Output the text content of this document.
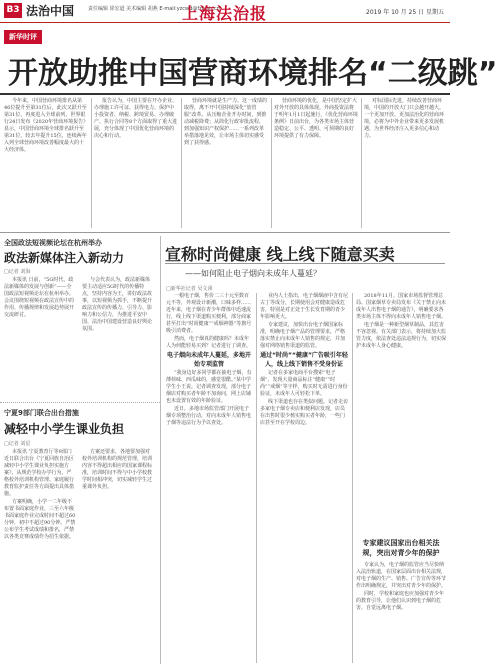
B3 法治中国	责任编辑 徐宏道 美术编辑 胡燕 E-mail:yzcwd@fzb.sh.cn
上海法治报	2019 年 10 月 25 日 星期五
新华时评
开放助推中国营商环境排名“二级跳”

今年来，中国营商环境排名从第46位提升至第31位后，此次又跃升至第31位，再度进入全球前列。世界银行24日发布《2020年营商环境报告》显示，中国营商环境全球排名跃升至第31位，较去年提升15位，连续两年入列全球营商环境改善幅度最大的十大经济体。

报告认为，中国主要在开办企业、办理施工许可证、获得电力、保护中小投资者、纳税、跨境贸易、办理破产、执行合同等8个方面取得了重大进展，充分体现了中国优化营商环境的决心和行动。

营商环境就是生产力。这一成绩的取得，离不开中国持续深化“放管服”改革。从压缩企业开办时间，到推动减税降费；从简化行政审批流程，到加强知识产权保护……一系列改革举措落地见效，让市场主体切实感受到了获得感。

营商环境的优化，是中国坚定扩大对外开放的具体体现。外商投资法将于明年1月1日起施行，《优化营商环境条例》日前出台，为各类市场主体营造稳定、公平、透明、可预期的良好环境提供了有力保障。

对标国际先进，持续改善营商环境，中国的开放大门只会越开越大。一个更加开放、更加法治化的营商环境，必将为中外企业带来更多发展机遇，为世界经济注入更多信心和动力。

全国政法短视频论坛在杭州举办
政法新媒体注入新动力
□记者 刘海

本报讯 日前，“5G时代，政法新媒体的发展与创新”——全国政法短视频论坛在杭州举办。会议围绕短视频在政法宣传中的作用、传播规律和发展趋势展开交流研讨。

与会代表认为，政法新媒体要主动适应5G时代的传播特点，坚持内容为王，讲好政法故事，以短视频为抓手，不断提升政法宣传的传播力、引导力、影响力和公信力，为推进平安中国、法治中国建设营造良好舆论氛围。

宁夏9部门联合出台措施
减轻中小学生课业负担
□记者 刘星

本报讯 宁夏教育厅等9部门近日联合出台《宁夏回族自治区减轻中小学生课业负担实施方案》，从规范学校办学行为、严格校外培训机构管理、家庭履行教育监护责任等方面提出具体措施。

方案明确，小学一二年级不布置书面家庭作业，三至六年级书面家庭作业完成时间不超过60分钟，初中不超过90分钟。严禁公布学生考试成绩和排名，严禁以各类竞赛成绩作为招生依据。

方案还要求，各地要加强对校外培训机构的规范管理，培训内容不得超出相应的国家课程标准，培训时间不得与中小学校教学时间相冲突，切实减轻学生过重课外负担。

宣称时尚健康 线上线下随意买卖
——如何阻止电子烟向未成年人蔓延？
□新华社记者 吴文诩

一根电子烟，售价二三十元至数百元不等，外观设计新潮，口味多样……近年来，电子烟在青少年群体中迅速流行，线上线下渠道购买便利，部分商家甚至打出“时尚健康”“戒烟神器”等旗号吸引消费者。

然而，电子烟真的健康吗？未成年人为何能轻易买到？记者进行了调查。

电子烟向未成年人蔓延，多地开始专项监管

“我身边好多同学都在抽电子烟，有薄荷味、西瓜味的，感觉很酷。”某中学学生小王说。记者调查发现，部分电子烟店对购买者年龄不加询问，网上店铺也未设置有效的年龄验证。

近日，多地市场监管部门开展电子烟专项整治行动，对向未成年人销售电子烟等违法行为予以查处。

业内人士指出，电子烟烟液中含有尼古丁等成分，长期使用会对健康造成危害，特别是对正处于生长发育期的青少年影响更大。

专家建议，加快出台电子烟国家标准，明确电子烟产品的管理要求，严格落实禁止向未成年人销售的规定，并加强对网络销售渠道的监管。

通过“时尚”“健康”广告吸引年轻人，线上线下销售不受身份证

记者在多家电商平台搜索“电子烟”，发现大量商品标注“健康”“时尚”“戒烟”等字样，购买时无需进行身份验证，未成年人可轻松下单。

线下渠道也存在类似问题。记者走访多家电子烟专卖店和便利店发现，店员在出售时很少核实购买者年龄，一些门店甚至开在学校周边。

2018年11月，国家市场监督管理总局、国家烟草专卖局发布《关于禁止向未成年人出售电子烟的通告》，明确要求各类市场主体不得向未成年人销售电子烟。

电子烟是一种新型烟草制品，其危害不容忽视。有关部门表示，将持续加大监管力度，依法查处违法违规行为，切实保护未成年人身心健康。

专家建议国家出台相关法规，突出对青少年的保护

专家认为，电子烟的监管应当尽快纳入法治轨道，在国家层面出台相关法规，对电子烟的生产、销售、广告宣传等环节作出明确规定，并突出对青少年的保护。

同时，学校和家庭也应加强对青少年的教育引导，让他们认识到电子烟的危害，自觉远离电子烟。
